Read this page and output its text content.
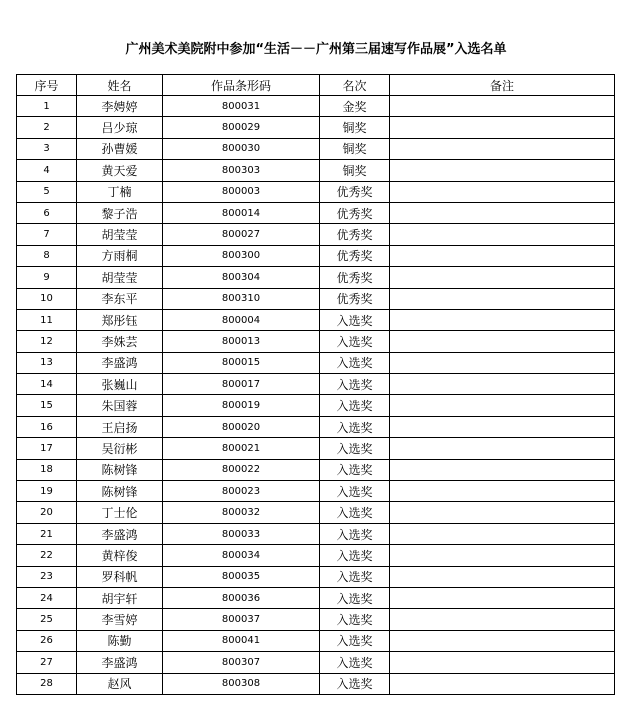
广州美术美院附中参加“生活－－广州第三届速写作品展”入选名单
序号	姓名	作品条形码	名次	备注
1	李娉婷	800031	金奖	
2	吕少琼	800029	铜奖	
3	孙曹媛	800030	铜奖	
4	黄天爱	800303	铜奖	
5	丁楠	800003	优秀奖	
6	黎子浩	800014	优秀奖	
7	胡莹莹	800027	优秀奖	
8	方雨桐	800300	优秀奖	
9	胡莹莹	800304	优秀奖	
10	李东平	800310	优秀奖	
11	郑彤钰	800004	入选奖	
12	李姝芸	800013	入选奖	
13	李盛鸿	800015	入选奖	
14	张巍山	800017	入选奖	
15	朱国蓉	800019	入选奖	
16	王启扬	800020	入选奖	
17	吴衍彬	800021	入选奖	
18	陈树锋	800022	入选奖	
19	陈树锋	800023	入选奖	
20	丁士伦	800032	入选奖	
21	李盛鸿	800033	入选奖	
22	黄梓俊	800034	入选奖	
23	罗科帆	800035	入选奖	
24	胡宇轩	800036	入选奖	
25	李雪婷	800037	入选奖	
26	陈勤	800041	入选奖	
27	李盛鸿	800307	入选奖	
28	赵风	800308	入选奖	
